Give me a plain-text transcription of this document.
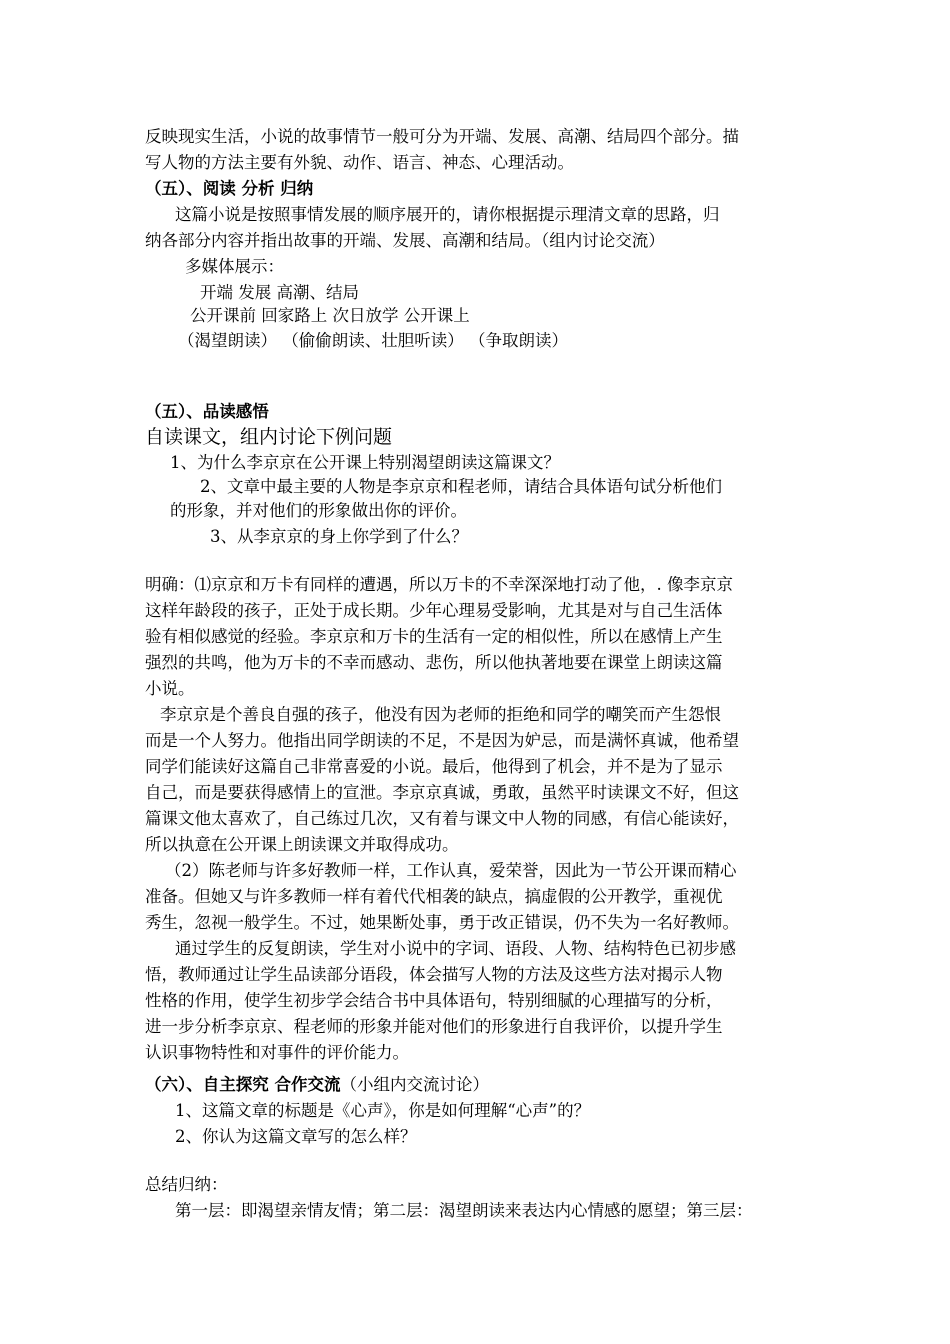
反映现实生活，小说的故事情节一般可分为开端、发展、高潮、结局四个部分。描
写人物的方法主要有外貌、动作、语言、神态、心理活动。
（五）、阅读 分析 归纳
这篇小说是按照事情发展的顺序展开的，请你根据提示理清文章的思路，归
纳各部分内容并指出故事的开端、发展、高潮和结局。（组内讨论交流）
多媒体展示：
开端 发展 高潮、结局
公开课前 回家路上 次日放学 公开课上
（渴望朗读） （偷偷朗读、壮胆听读） （争取朗读）
（五）、品读感悟
自读课文，组内讨论下例问题
1、为什么李京京在公开课上特别渴望朗读这篇课文？
2、文章中最主要的人物是李京京和程老师，请结合具体语句试分析他们
的形象，并对他们的形象做出你的评价。
3、从李京京的身上你学到了什么？
明确：⑴京京和万卡有同样的遭遇，所以万卡的不幸深深地打动了他，. 像李京京
这样年龄段的孩子，正处于成长期。少年心理易受影响，尤其是对与自己生活体
验有相似感觉的经验。李京京和万卡的生活有一定的相似性，所以在感情上产生
强烈的共鸣，他为万卡的不幸而感动、悲伤，所以他执著地要在课堂上朗读这篇
小说。
李京京是个善良自强的孩子，他没有因为老师的拒绝和同学的嘲笑而产生怨恨
而是一个人努力。他指出同学朗读的不足，不是因为妒忌，而是满怀真诚，他希望
同学们能读好这篇自己非常喜爱的小说。最后，他得到了机会，并不是为了显示
自己，而是要获得感情上的宣泄。李京京真诚，勇敢，虽然平时读课文不好，但这
篇课文他太喜欢了，自己练过几次，又有着与课文中人物的同感，有信心能读好，
所以执意在公开课上朗读课文并取得成功。
（2）陈老师与许多好教师一样，工作认真，爱荣誉，因此为一节公开课而精心
准备。但她又与许多教师一样有着代代相袭的缺点，搞虚假的公开教学，重视优
秀生，忽视一般学生。不过，她果断处事，勇于改正错误，仍不失为一名好教师。
通过学生的反复朗读，学生对小说中的字词、语段、人物、结构特色已初步感
悟，教师通过让学生品读部分语段，体会描写人物的方法及这些方法对揭示人物
性格的作用，使学生初步学会结合书中具体语句，特别细腻的心理描写的分析，
进一步分析李京京、程老师的形象并能对他们的形象进行自我评价，以提升学生
认识事物特性和对事件的评价能力。
（六）、自主探究 合作交流（小组内交流讨论）
1、这篇文章的标题是《心声》，你是如何理解“心声”的？
2、你认为这篇文章写的怎么样？
总结归纳：
第一层：即渴望亲情友情；第二层：渴望朗读来表达内心情感的愿望；第三层：
